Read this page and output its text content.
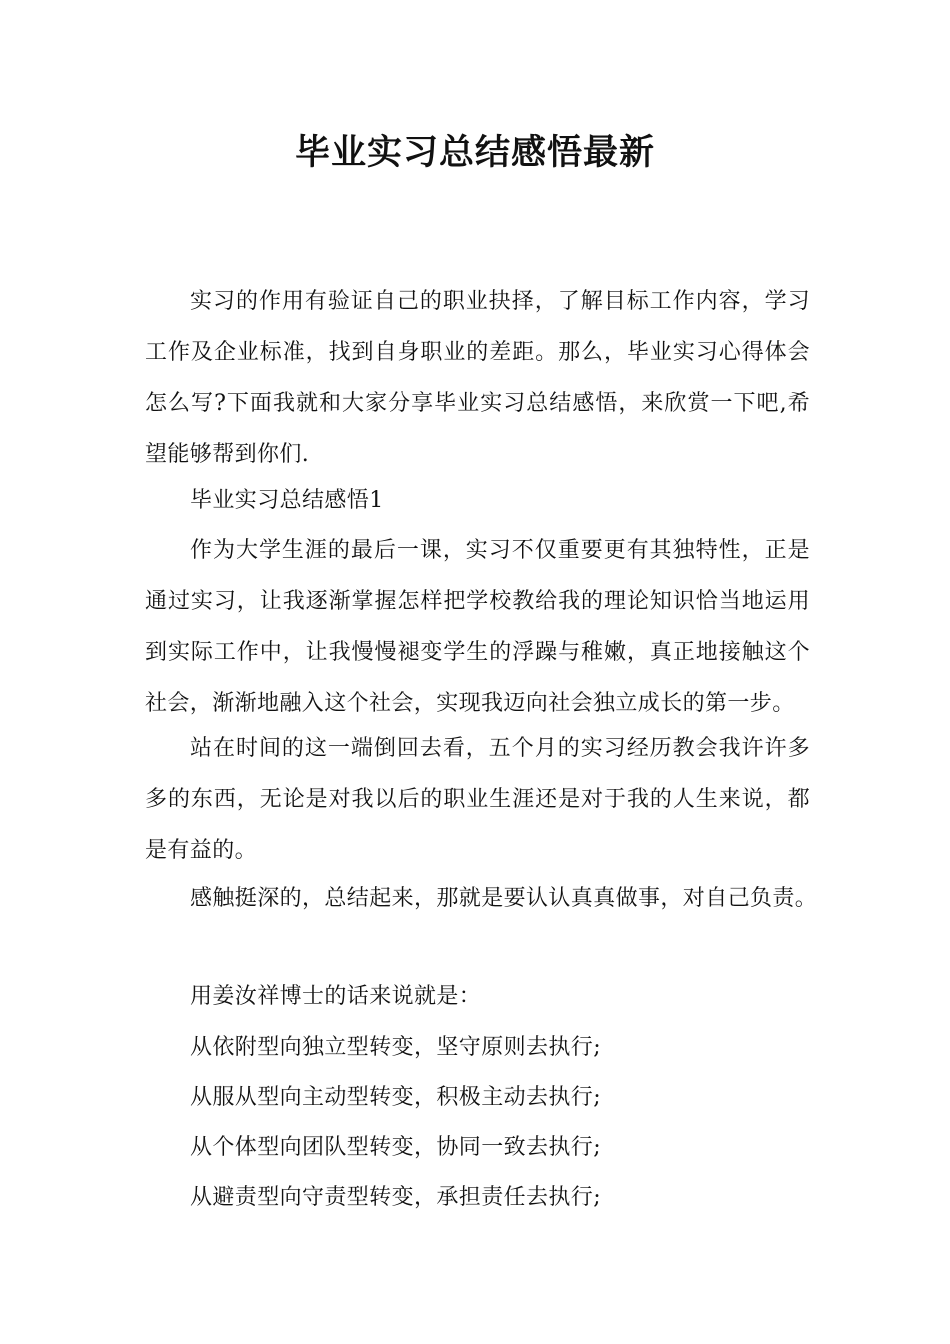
毕业实习总结感悟最新

实习的作用有验证自己的职业抉择，了解目标工作内容，学习工作及企业标准，找到自身职业的差距。那么，毕业实习心得体会怎么写?下面我就和大家分享毕业实习总结感悟，来欣赏一下吧,希望能够帮到你们.

毕业实习总结感悟1

作为大学生涯的最后一课，实习不仅重要更有其独特性，正是通过实习，让我逐渐掌握怎样把学校教给我的理论知识恰当地运用到实际工作中，让我慢慢褪变学生的浮躁与稚嫩，真正地接触这个社会，渐渐地融入这个社会，实现我迈向社会独立成长的第一步。

站在时间的这一端倒回去看，五个月的实习经历教会我许许多多的东西，无论是对我以后的职业生涯还是对于我的人生来说，都是有益的。

感触挺深的，总结起来，那就是要认认真真做事，对自己负责。

用姜汝祥博士的话来说就是：

从依附型向独立型转变，坚守原则去执行;

从服从型向主动型转变，积极主动去执行;

从个体型向团队型转变，协同一致去执行;

从避责型向守责型转变，承担责任去执行;
